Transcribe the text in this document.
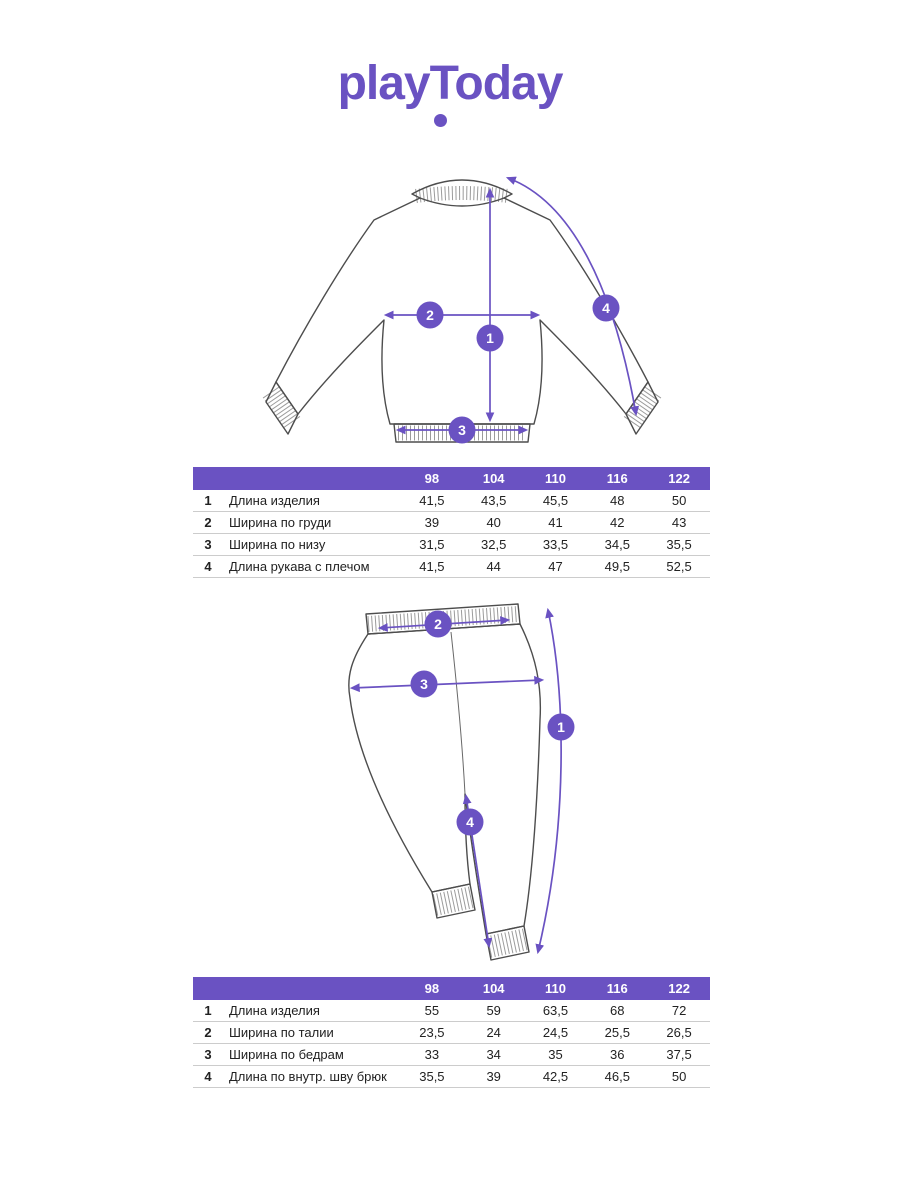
playToday
1
2
3
4
98	104	110	116	122
1	Длина изделия	41,5	43,5	45,5	48	50
2	Ширина по груди	39	40	41	42	43
3	Ширина по низу	31,5	32,5	33,5	34,5	35,5
4	Длина рукава с плечом	41,5	44	47	49,5	52,5
2
3
1
4
98	104	110	116	122
1	Длина изделия	55	59	63,5	68	72
2	Ширина по талии	23,5	24	24,5	25,5	26,5
3	Ширина по бедрам	33	34	35	36	37,5
4	Длина по внутр. шву брюк	35,5	39	42,5	46,5	50
